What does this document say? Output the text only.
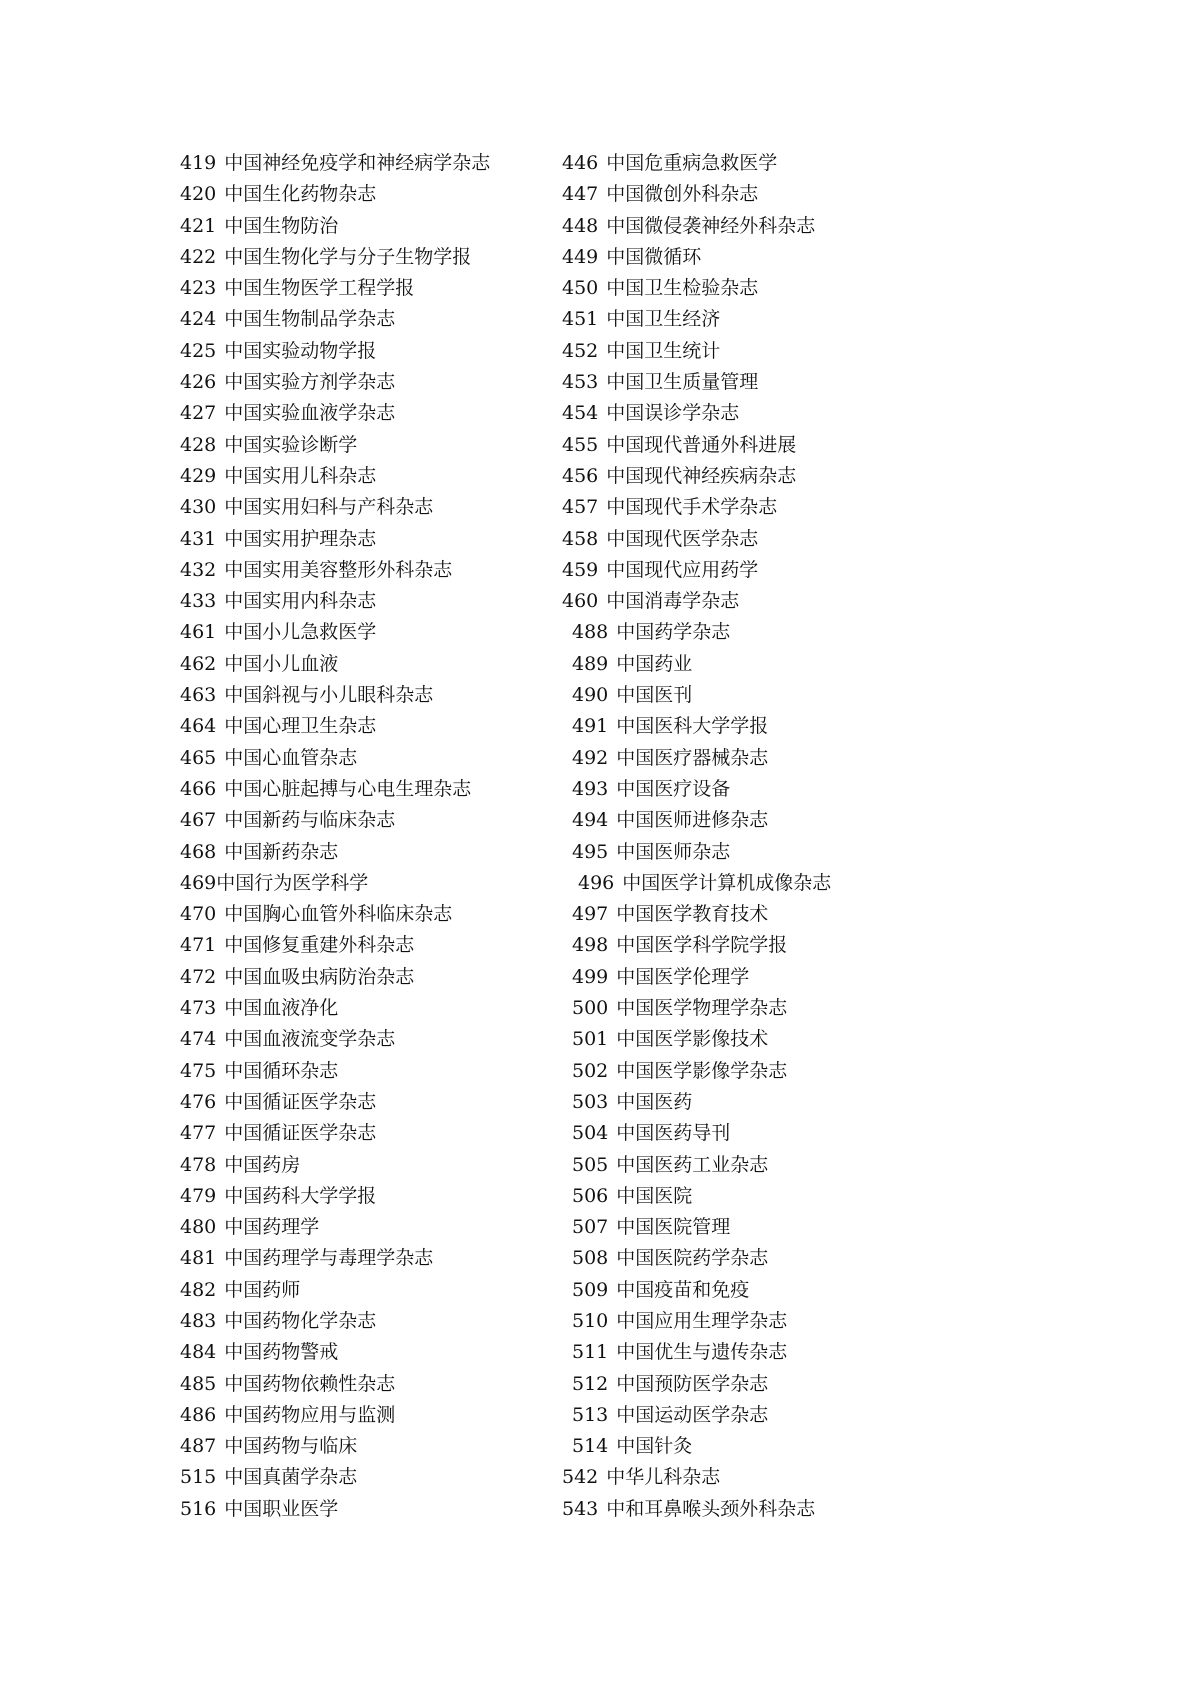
419 中国神经免疫学和神经病学杂志
420 中国生化药物杂志
421 中国生物防治
422 中国生物化学与分子生物学报
423 中国生物医学工程学报
424 中国生物制品学杂志
425 中国实验动物学报
426 中国实验方剂学杂志
427 中国实验血液学杂志
428 中国实验诊断学
429 中国实用儿科杂志
430 中国实用妇科与产科杂志
431 中国实用护理杂志
432 中国实用美容整形外科杂志
433 中国实用内科杂志
461 中国小儿急救医学
462 中国小儿血液
463 中国斜视与小儿眼科杂志
464 中国心理卫生杂志
465 中国心血管杂志
466 中国心脏起搏与心电生理杂志
467 中国新药与临床杂志
468 中国新药杂志
469中国行为医学科学
470 中国胸心血管外科临床杂志
471 中国修复重建外科杂志
472 中国血吸虫病防治杂志
473 中国血液净化
474 中国血液流变学杂志
475 中国循环杂志
476 中国循证医学杂志
477 中国循证医学杂志
478 中国药房
479 中国药科大学学报
480 中国药理学
481 中国药理学与毒理学杂志
482 中国药师
483 中国药物化学杂志
484 中国药物警戒
485 中国药物依赖性杂志
486 中国药物应用与监测
487 中国药物与临床
515 中国真菌学杂志
516 中国职业医学
446 中国危重病急救医学
447 中国微创外科杂志
448 中国微侵袭神经外科杂志
449 中国微循环
450 中国卫生检验杂志
451 中国卫生经济
452 中国卫生统计
453 中国卫生质量管理
454 中国误诊学杂志
455 中国现代普通外科进展
456 中国现代神经疾病杂志
457 中国现代手术学杂志
458 中国现代医学杂志
459 中国现代应用药学
460 中国消毒学杂志
488 中国药学杂志
489 中国药业
490 中国医刊
491 中国医科大学学报
492 中国医疗器械杂志
493 中国医疗设备
494 中国医师进修杂志
495 中国医师杂志
496 中国医学计算机成像杂志
497 中国医学教育技术
498 中国医学科学院学报
499 中国医学伦理学
500 中国医学物理学杂志
501 中国医学影像技术
502 中国医学影像学杂志
503 中国医药
504 中国医药导刊
505 中国医药工业杂志
506 中国医院
507 中国医院管理
508 中国医院药学杂志
509 中国疫苗和免疫
510 中国应用生理学杂志
511 中国优生与遗传杂志
512 中国预防医学杂志
513 中国运动医学杂志
514 中国针灸
542 中华儿科杂志
543 中和耳鼻喉头颈外科杂志
